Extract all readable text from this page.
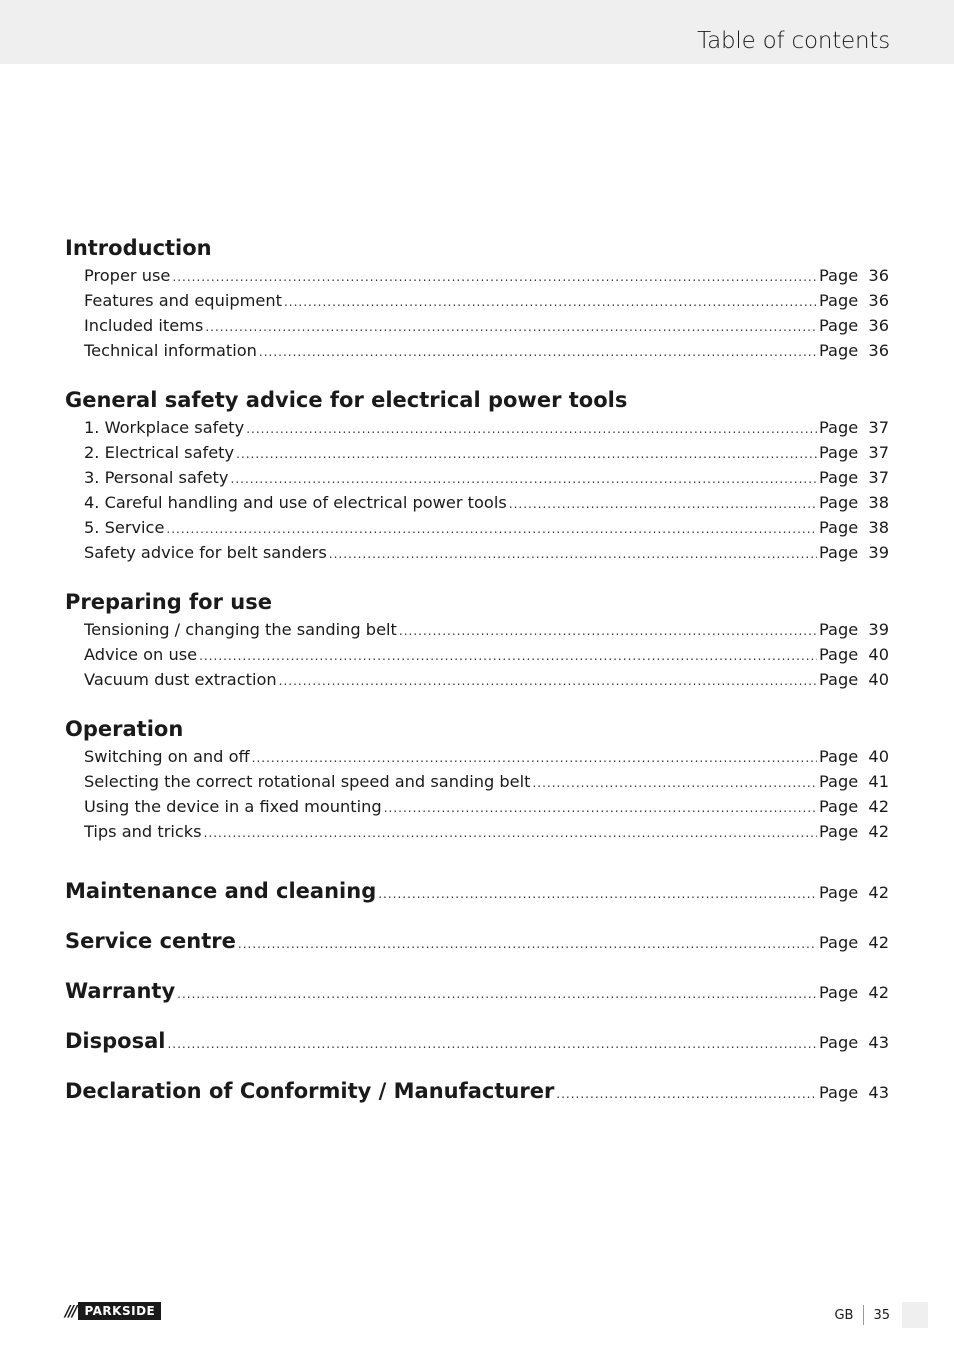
Table of contents
Introduction
Proper use .....	Page 36
Features and equipment .....	Page 36
Included items .....	Page 36
Technical information .....	Page 36
General safety advice for electrical power tools
1. Workplace safety .....	Page 37
2. Electrical safety .....	Page 37
3. Personal safety .....	Page 37
4. Careful handling and use of electrical power tools .....	Page 38
5. Service .....	Page 38
Safety advice for belt sanders .....	Page 39
Preparing for use
Tensioning / changing the sanding belt .....	Page 39
Advice on use .....	Page 40
Vacuum dust extraction .....	Page 40
Operation
Switching on and off .....	Page 40
Selecting the correct rotational speed and sanding belt .....	Page 41
Using the device in a fixed mounting .....	Page 42
Tips and tricks .....	Page 42
Maintenance and cleaning .....	Page 42
Service centre .....	Page 42
Warranty .....	Page 42
Disposal .....	Page 43
Declaration of Conformity / Manufacturer .....	Page 43
/// PARKSIDE	GB 35
